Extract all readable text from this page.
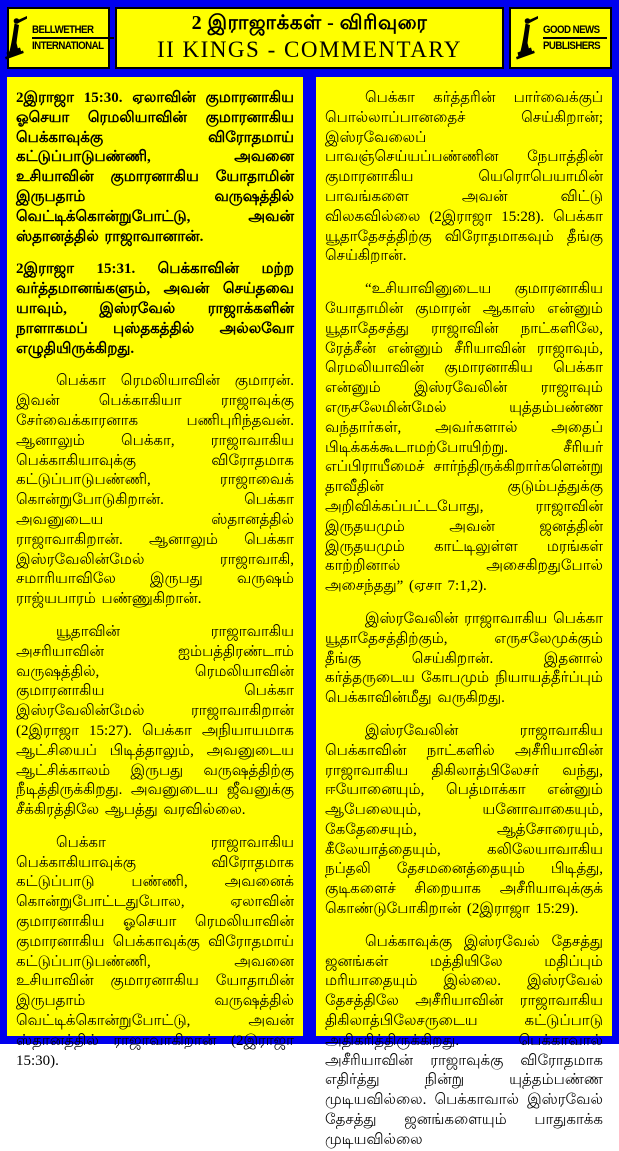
BELLWETHER
INTERNATIONAL
2 இராஜாக்கள் - விரிவுரை
II KINGS - COMMENTARY
GOOD NEWS
PUBLISHERS

2இராஜா 15:30. ஏலாவின் குமாரனாகிய ஓசெயா ரெமலியாவின் குமாரனாகிய பெக்காவுக்கு விரோதமாய் கட்டுப்பாடுபண்ணி, அவனை உசியாவின் குமாரனாகிய யோதாமின் இருபதாம் வருஷத்தில் வெட்டிக்கொன்றுபோட்டு, அவன் ஸ்தானத்தில் ராஜாவானான்.

2இராஜா 15:31. பெக்காவின் மற்ற வர்த்தமானங்களும், அவன் செய்தவை யாவும், இஸ்ரவேல் ராஜாக்களின் நாளாகமப் புஸ்தகத்தில் அல்லவோ எழுதியிருக்கிறது.

பெக்கா ரெமலியாவின் குமாரன். இவன் பெக்காகியா ராஜாவுக்கு சேர்வைக்காரனாக பணிபுரிந்தவன். ஆனாலும் பெக்கா, ராஜாவாகிய பெக்காகியாவுக்கு விரோதமாக கட்டுப்பாடுபண்ணி, ராஜாவைக் கொன்றுபோடுகிறான். பெக்கா அவனுடைய ஸ்தானத்தில் ராஜாவாகிறான். ஆனாலும் பெக்கா இஸ்ரவேலின்மேல் ராஜாவாகி, சமாரியாவிலே இருபது வருஷம் ராஜ்யபாரம் பண்ணுகிறான்.

யூதாவின் ராஜாவாகிய அசரியாவின் ஐம்பத்திரண்டாம் வருஷத்தில், ரெமலியாவின் குமாரனாகிய பெக்கா இஸ்ரவேலின்மேல் ராஜாவாகிறான் (2இராஜா 15:27). பெக்கா அநியாயமாக ஆட்சியைப் பிடித்தாலும், அவனுடைய ஆட்சிக்காலம் இருபது வருஷத்திற்கு நீடித்திருக்கிறது. அவனுடைய ஜீவனுக்கு சீக்கிரத்திலே ஆபத்து வரவில்லை.

பெக்கா ராஜாவாகிய பெக்காகியாவுக்கு விரோதமாக கட்டுப்பாடு பண்ணி, அவனைக் கொன்றுபோட்டதுபோல, ஏலாவின் குமாரனாகிய ஓசெயா ரெமலியாவின் குமாரனாகிய பெக்காவுக்கு விரோதமாய் கட்டுப்பாடுபண்ணி, அவனை உசியாவின் குமாரனாகிய யோதாமின் இருபதாம் வருஷத்தில் வெட்டிக்கொன்றுபோட்டு, அவன் ஸ்தானத்தில் ராஜாவாகிறான் (2இராஜா 15:30).

பெக்கா கர்த்தரின் பார்வைக்குப் பொல்லாப்பானதைச் செய்கிறான்; இஸ்ரவேலைப் பாவஞ்செய்யப்பண்ணின நேபாத்தின் குமாரனாகிய யெரொபெயாமின் பாவங்களை அவன் விட்டு விலகவில்லை (2இராஜா 15:28). பெக்கா யூதாதேசத்திற்கு விரோதமாகவும் தீங்கு செய்கிறான்.

“உசியாவினுடைய குமாரனாகிய யோதாமின் குமாரன் ஆகாஸ் என்னும் யூதாதேசத்து ராஜாவின் நாட்களிலே, ரேத்சீன் என்னும் சீரியாவின் ராஜாவும், ரெமலியாவின் குமாரனாகிய பெக்கா என்னும் இஸ்ரவேலின் ராஜாவும் எருசலேமின்மேல் யுத்தம்பண்ண வந்தார்கள், அவர்களால் அதைப் பிடிக்கக்கூடாமற்போயிற்று. சீரியர் எப்பிராயீமைச் சார்ந்திருக்கிறார்களென்று தாவீதின் குடும்பத்துக்கு அறிவிக்கப்பட்டபோது, ராஜாவின் இருதயமும் அவன் ஜனத்தின் இருதயமும் காட்டிலுள்ள மரங்கள் காற்றினால் அசைகிறதுபோல் அசைந்தது” (ஏசா 7:1,2).

இஸ்ரவேலின் ராஜாவாகிய பெக்கா யூதாதேசத்திற்கும், எருசலேமுக்கும் தீங்கு செய்கிறான். இதனால் கர்த்தருடைய கோபமும் நியாயத்தீர்ப்பும் பெக்காவின்மீது வருகிறது.

இஸ்ரவேலின் ராஜாவாகிய பெக்காவின் நாட்களில் அசீரியாவின் ராஜாவாகிய திகிலாத்பிலேசர் வந்து, ஈயோனையும், பெத்மாக்கா என்னும் ஆபேலையும், யனோவாகையும், கேதேசையும், ஆத்சோரையும், கீலேயாத்தையும், கலிலேயாவாகிய நப்தலி தேசமனைத்தையும் பிடித்து, குடிகளைச் சிறையாக அசீரியாவுக்குக் கொண்டுபோகிறான் (2இராஜா 15:29).

பெக்காவுக்கு இஸ்ரவேல் தேசத்து ஜனங்கள் மத்தியிலே மதிப்பும் மரியாதையும் இல்லை. இஸ்ரவேல் தேசத்திலே அசீரியாவின் ராஜாவாகிய திகிலாத்பிலேசருடைய கட்டுப்பாடு அதிகரித்திருக்கிறது. பெக்காவால் அசீரியாவின் ராஜாவுக்கு விரோதமாக எதிர்த்து நின்று யுத்தம்பண்ண முடியவில்லை. பெக்காவால் இஸ்ரவேல் தேசத்து ஜனங்களையும் பாதுகாக்க முடியவில்லை
